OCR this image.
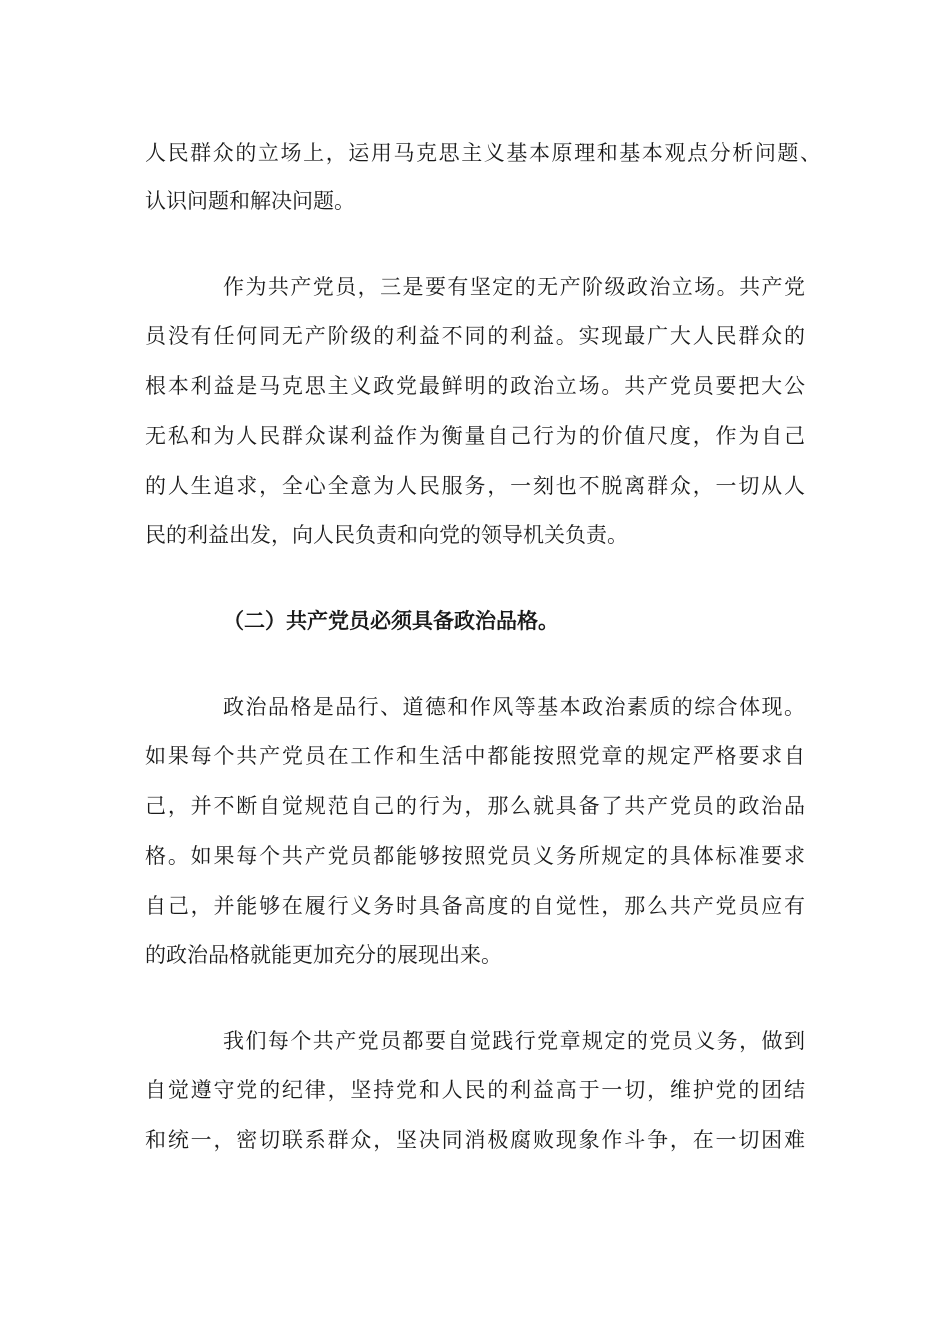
人民群众的立场上，运用马克思主义基本原理和基本观点分析问题、
认识问题和解决问题。
作为共产党员，三是要有坚定的无产阶级政治立场。共产党
员没有任何同无产阶级的利益不同的利益。实现最广大人民群众的
根本利益是马克思主义政党最鲜明的政治立场。共产党员要把大公
无私和为人民群众谋利益作为衡量自己行为的价值尺度，作为自己
的人生追求，全心全意为人民服务，一刻也不脱离群众，一切从人
民的利益出发，向人民负责和向党的领导机关负责。
（二）共产党员必须具备政治品格。
政治品格是品行、道德和作风等基本政治素质的综合体现。
如果每个共产党员在工作和生活中都能按照党章的规定严格要求自
己，并不断自觉规范自己的行为，那么就具备了共产党员的政治品
格。如果每个共产党员都能够按照党员义务所规定的具体标准要求
自己，并能够在履行义务时具备高度的自觉性，那么共产党员应有
的政治品格就能更加充分的展现出来。
我们每个共产党员都要自觉践行党章规定的党员义务，做到
自觉遵守党的纪律，坚持党和人民的利益高于一切，维护党的团结
和统一，密切联系群众，坚决同消极腐败现象作斗争，在一切困难
